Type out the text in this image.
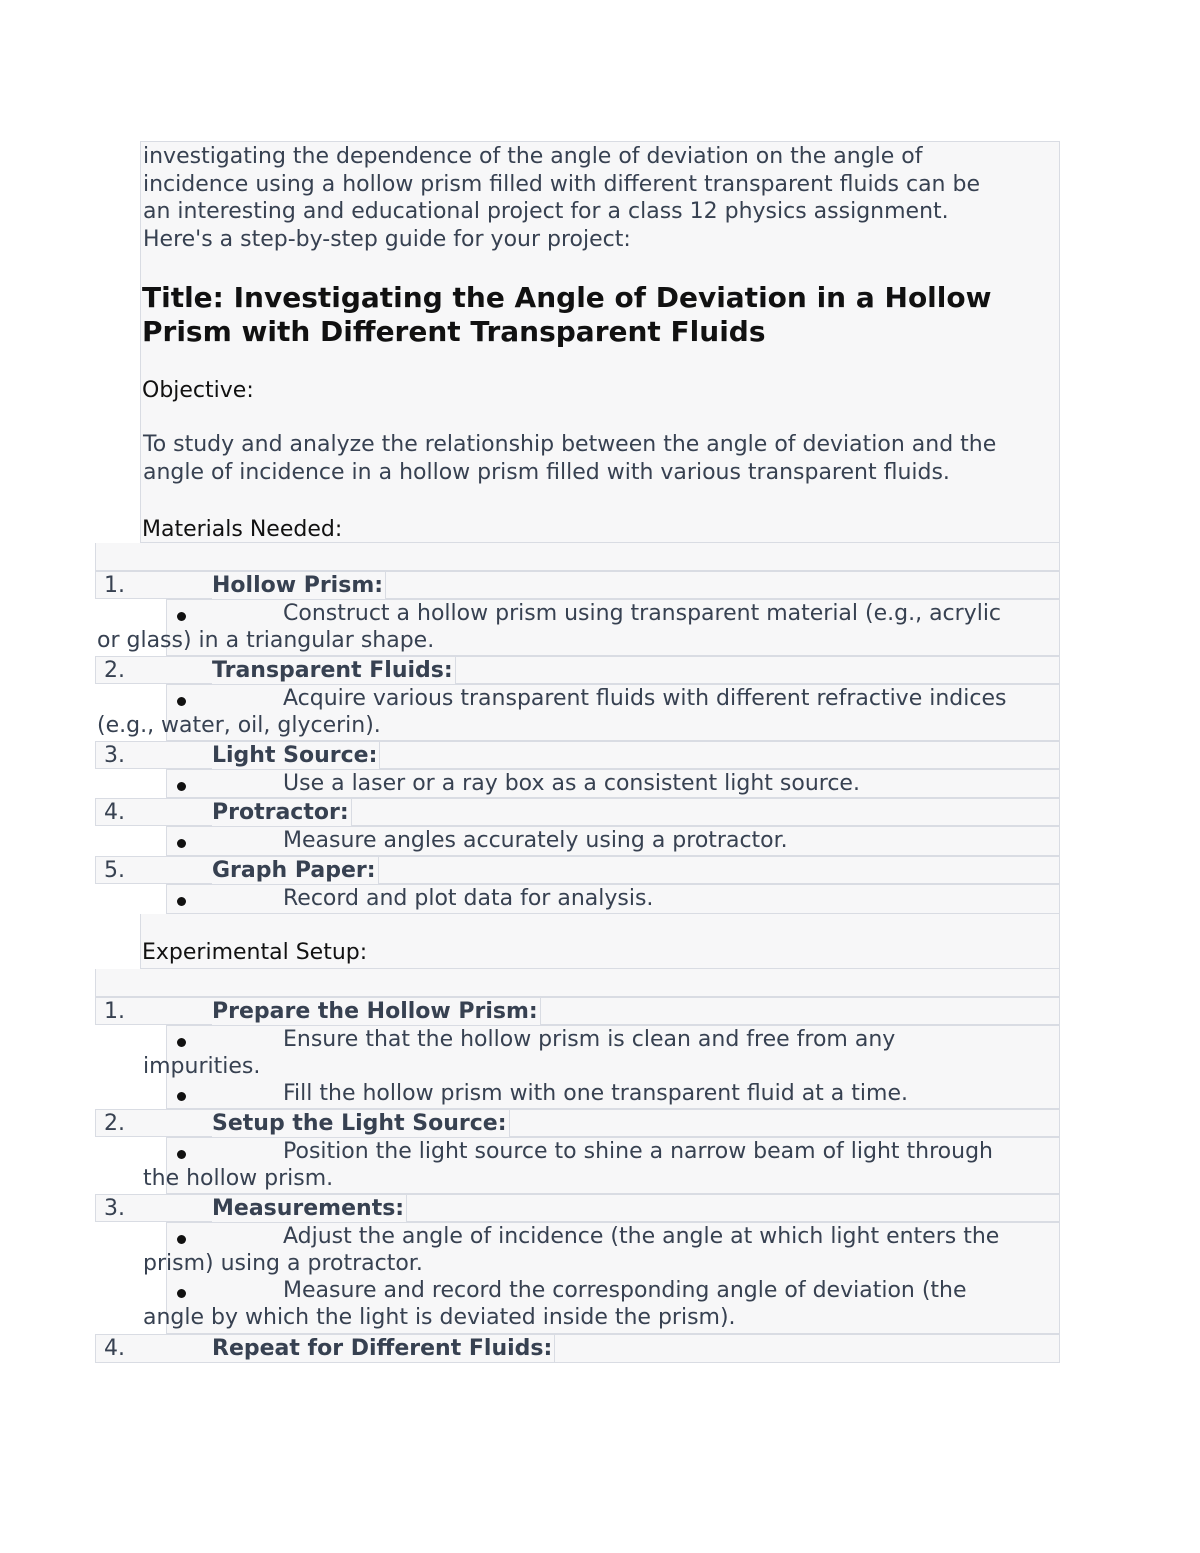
investigating the dependence of the angle of deviation on the angle of
incidence using a hollow prism filled with different transparent fluids can be
an interesting and educational project for a class 12 physics assignment.
Here's a step-by-step guide for your project:
Title: Investigating the Angle of Deviation in a Hollow
Prism with Different Transparent Fluids
Objective:
To study and analyze the relationship between the angle of deviation and the
angle of incidence in a hollow prism filled with various transparent fluids.
Materials Needed:
1.	Hollow Prism:
Construct a hollow prism using transparent material (e.g., acrylic
or glass) in a triangular shape.
2.	Transparent Fluids:
Acquire various transparent fluids with different refractive indices
(e.g., water, oil, glycerin).
3.	Light Source:
Use a laser or a ray box as a consistent light source.
4.	Protractor:
Measure angles accurately using a protractor.
5.	Graph Paper:
Record and plot data for analysis.
Experimental Setup:
1.	Prepare the Hollow Prism:
Ensure that the hollow prism is clean and free from any
impurities.
Fill the hollow prism with one transparent fluid at a time.
2.	Setup the Light Source:
Position the light source to shine a narrow beam of light through
the hollow prism.
3.	Measurements:
Adjust the angle of incidence (the angle at which light enters the
prism) using a protractor.
Measure and record the corresponding angle of deviation (the
angle by which the light is deviated inside the prism).
4.	Repeat for Different Fluids:
